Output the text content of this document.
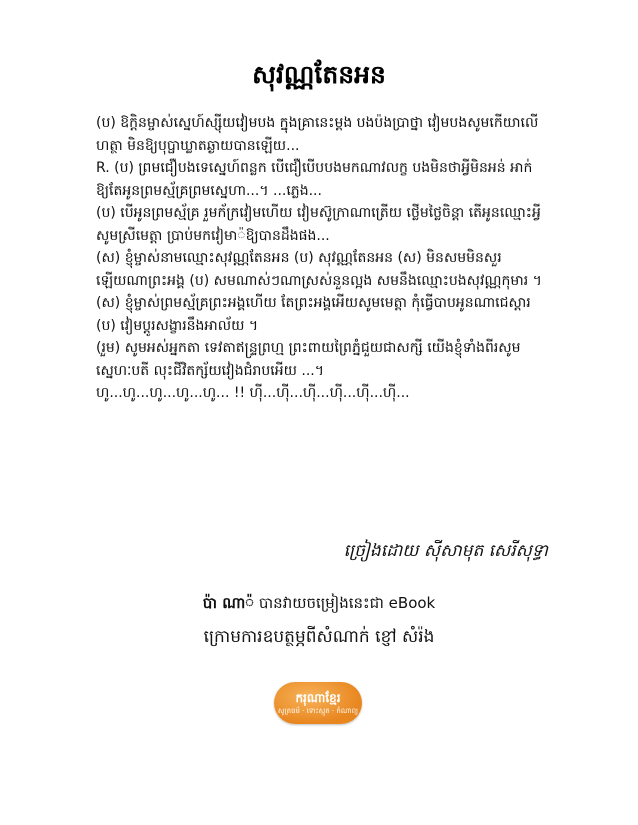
សុវណ្ណតែនអន

(ប) ឱក្តិនម្ចាស់ស្នេហ៍ស្ស៊ីយវៀមបង ក្នុងគ្រានេះម្ដង បងប៉ងប្រាថ្នា វៀមបងសូមកើយាលើហត្ថា មិនឱ្យបុប្ផាឃ្លាតឆ្ងាយបានឡើយ...

R. (ប) ព្រមជឿបងទេស្នេហ៍ពន្លក បើជឿបើបបងមកណាវលក្ខ បងមិនថាអ្វីមិនអន់ អាក់ ឱ្យតែអូនព្រមស្ម័គ្រព្រមស្នេហា...។ ...ភ្លេង...

(ប) បើអូនព្រមស្ម័គ្រ រួមក័ក្រវៀមហើយ វៀមស៊ូក្រាណាត្រើយ ថ្លើមថ្លៃចិន្តា តើអូនឈ្មោះអ្វីសូមស្រីមេត្តា ប្រាប់មកវៀមា៉ឱ្យបានដឹងផង...

(ស) ខ្ញុំម្ចាស់នាមឈ្មោះសុវណ្ណតែនអន (ប) សុវណ្ណតែនអន (ស) មិនសមមិនសួរឡើយណាព្រះអង្គ (ប) សមណាស់ៗណាស្រស់នួនល្អង សមនឹងឈ្មោះបងសុវណ្ណកុមារ ។

(ស) ខ្ញុំម្ចាស់ព្រមស្ម័គ្រព្រះអង្គហើយ តែព្រះអង្គអើយសូមមេត្តា កុំធ្វើបាបអូនណាជេស្តារ (ប) វៀមប្តូរសង្ខារនឹងអាល័យ ។

(រួម) សូមអស់អ្នកតា ទេវតាឥន្ទ្រព្រហ្ម ព្រះពាយព្រៃភ្នំជួយជាសក្សី យើងខ្ញុំទាំងពីរសូមស្នេហៈបតី លុះជីវិតក្ស័យវៀងជំរាបអើយ ...។

ហូ...ហូ...ហូ...ហូ...ហូ... !! ហុី...ហុី...ហុី...ហុី...ហុី...ហុី...

ច្រៀងដោយ ស៊ីសាមុត សេរីសុទ្ធា
ប៉ា ណា៉ បានវាយចម្រៀងនេះជា eBook
ក្រោមការឧបត្ថម្ភពីសំណាក់ ខ្ញៅ សំរ៉ង
ករុណាខ្មែរ
សូត្រធម៌ · ទោះស្មុត · កំណាព្យ
